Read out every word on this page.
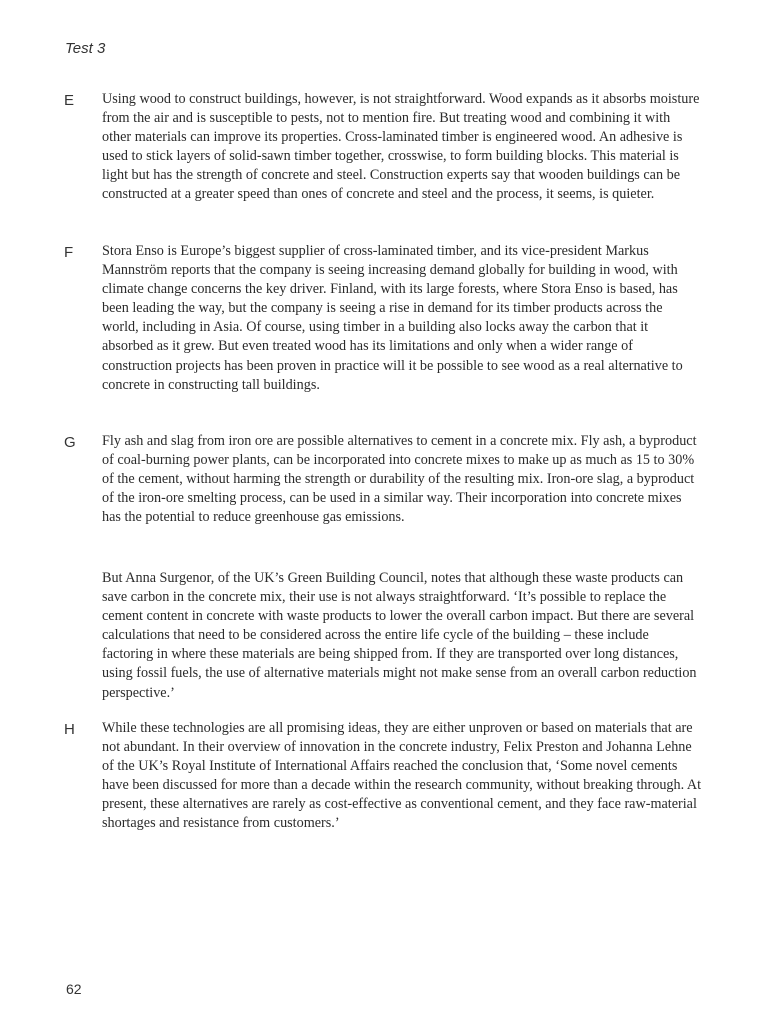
Test 3
E Using wood to construct buildings, however, is not straightforward. Wood expands as it absorbs moisture from the air and is susceptible to pests, not to mention fire. But treating wood and combining it with other materials can improve its properties. Cross-laminated timber is engineered wood. An adhesive is used to stick layers of solid-sawn timber together, crosswise, to form building blocks. This material is light but has the strength of concrete and steel. Construction experts say that wooden buildings can be constructed at a greater speed than ones of concrete and steel and the process, it seems, is quieter.

F Stora Enso is Europe’s biggest supplier of cross-laminated timber, and its vice-president Markus Mannström reports that the company is seeing increasing demand globally for building in wood, with climate change concerns the key driver. Finland, with its large forests, where Stora Enso is based, has been leading the way, but the company is seeing a rise in demand for its timber products across the world, including in Asia. Of course, using timber in a building also locks away the carbon that it absorbed as it grew. But even treated wood has its limitations and only when a wider range of construction projects has been proven in practice will it be possible to see wood as a real alternative to concrete in constructing tall buildings.

G Fly ash and slag from iron ore are possible alternatives to cement in a concrete mix. Fly ash, a byproduct of coal-burning power plants, can be incorporated into concrete mixes to make up as much as 15 to 30% of the cement, without harming the strength or durability of the resulting mix. Iron-ore slag, a byproduct of the iron-ore smelting process, can be used in a similar way. Their incorporation into concrete mixes has the potential to reduce greenhouse gas emissions.

But Anna Surgenor, of the UK’s Green Building Council, notes that although these waste products can save carbon in the concrete mix, their use is not always straightforward. ‘It’s possible to replace the cement content in concrete with waste products to lower the overall carbon impact. But there are several calculations that need to be considered across the entire life cycle of the building – these include factoring in where these materials are being shipped from. If they are transported over long distances, using fossil fuels, the use of alternative materials might not make sense from an overall carbon reduction perspective.’

H While these technologies are all promising ideas, they are either unproven or based on materials that are not abundant. In their overview of innovation in the concrete industry, Felix Preston and Johanna Lehne of the UK’s Royal Institute of International Affairs reached the conclusion that, ‘Some novel cements have been discussed for more than a decade within the research community, without breaking through. At present, these alternatives are rarely as cost-effective as conventional cement, and they face raw-material shortages and resistance from customers.’

62
